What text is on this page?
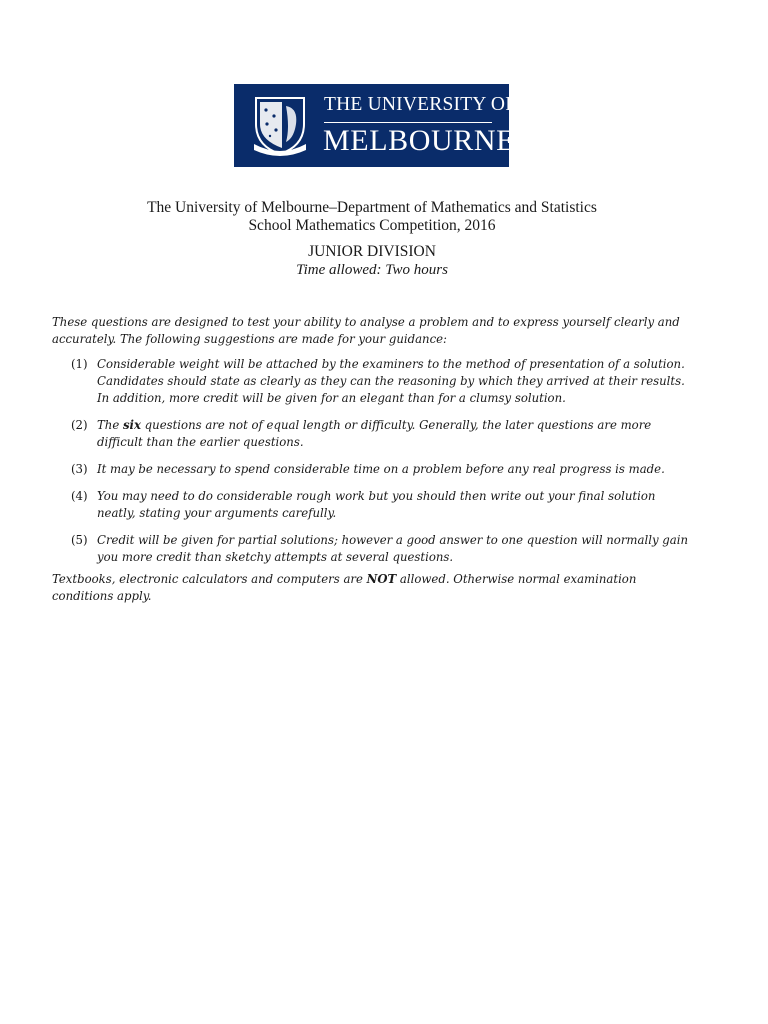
THE UNIVERSITY OF
MELBOURNE
The University of Melbourne–Department of Mathematics and Statistics
School Mathematics Competition, 2016
JUNIOR DIVISION
Time allowed: Two hours

These questions are designed to test your ability to analyse a problem and to express yourself clearly and accurately. The following suggestions are made for your guidance:

(1) Considerable weight will be attached by the examiners to the method of presentation of a solution. Candidates should state as clearly as they can the reasoning by which they arrived at their results. In addition, more credit will be given for an elegant than for a clumsy solution.
(2) The six questions are not of equal length or difficulty. Generally, the later questions are more difficult than the earlier questions.
(3) It may be necessary to spend considerable time on a problem before any real progress is made.
(4) You may need to do considerable rough work but you should then write out your final solution neatly, stating your arguments carefully.
(5) Credit will be given for partial solutions; however a good answer to one question will normally gain you more credit than sketchy attempts at several questions.

Textbooks, electronic calculators and computers are NOT allowed. Otherwise normal examination conditions apply.
